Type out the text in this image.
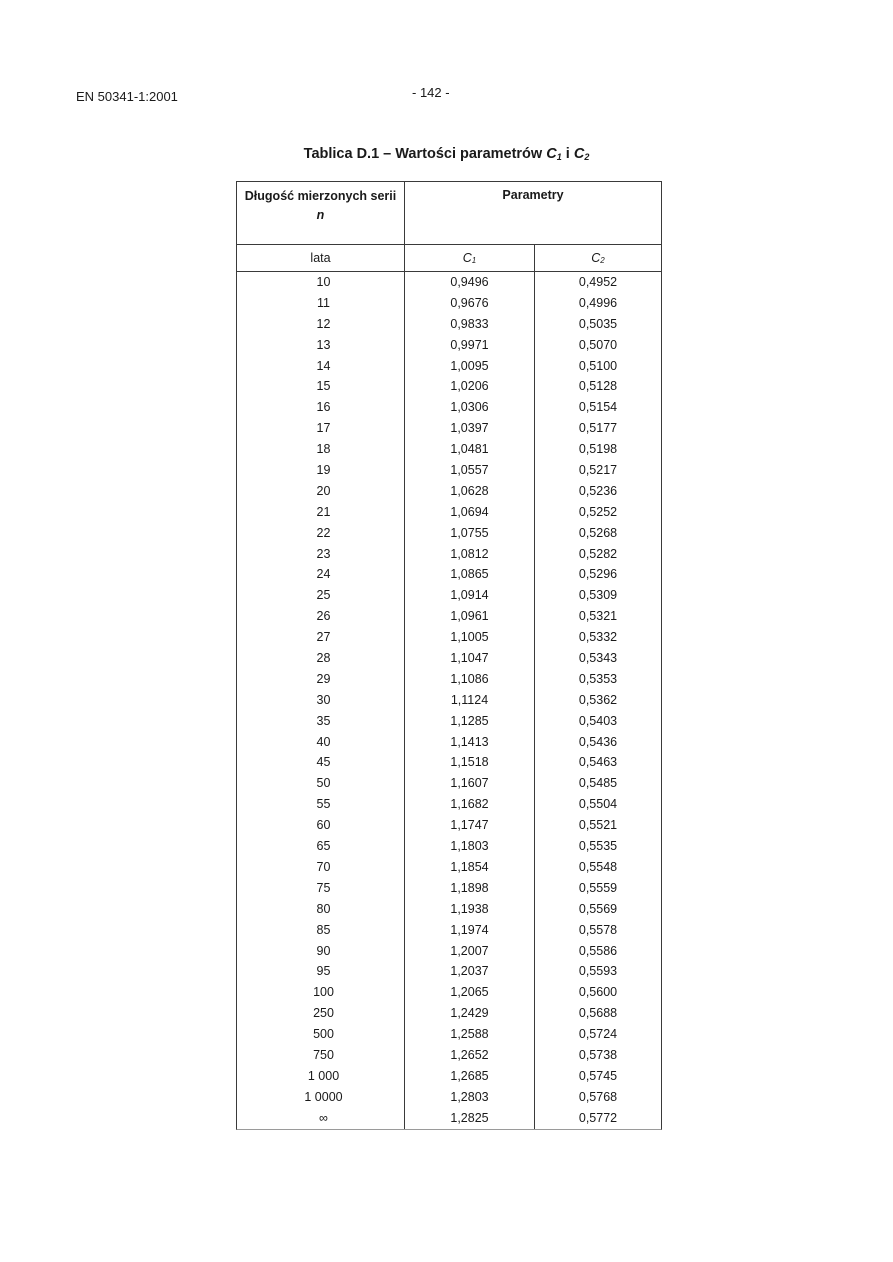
EN 50341-1:2001	- 142 -
Tablica D.1 – Wartości parametrów $C_1$ i $C_2$
Długość mierzonych serii
n
Parametry
lata	$C_1$	$C_2$
10	0,9496	0,4952
11	0,9676	0,4996
12	0,9833	0,5035
13	0,9971	0,5070
14	1,0095	0,5100
15	1,0206	0,5128
16	1,0306	0,5154
17	1,0397	0,5177
18	1,0481	0,5198
19	1,0557	0,5217
20	1,0628	0,5236
21	1,0694	0,5252
22	1,0755	0,5268
23	1,0812	0,5282
24	1,0865	0,5296
25	1,0914	0,5309
26	1,0961	0,5321
27	1,1005	0,5332
28	1,1047	0,5343
29	1,1086	0,5353
30	1,1124	0,5362
35	1,1285	0,5403
40	1,1413	0,5436
45	1,1518	0,5463
50	1,1607	0,5485
55	1,1682	0,5504
60	1,1747	0,5521
65	1,1803	0,5535
70	1,1854	0,5548
75	1,1898	0,5559
80	1,1938	0,5569
85	1,1974	0,5578
90	1,2007	0,5586
95	1,2037	0,5593
100	1,2065	0,5600
250	1,2429	0,5688
500	1,2588	0,5724
750	1,2652	0,5738
1 000	1,2685	0,5745
1 0000	1,2803	0,5768
∞	1,2825	0,5772
